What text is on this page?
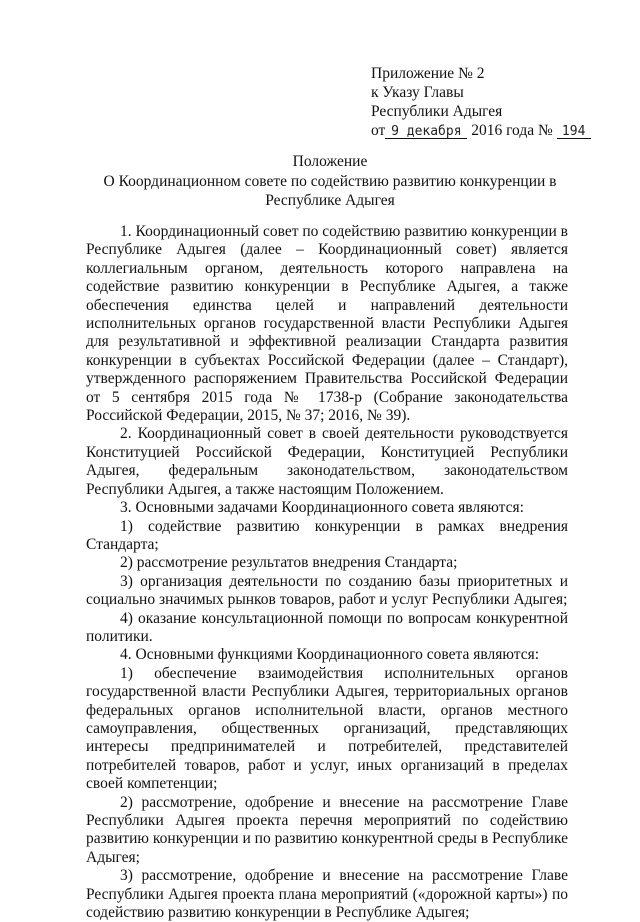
Приложение № 2
к Указу Главы
Республики Адыгея
от 9 декабря 2016 года № 194
Положение
О Координационном совете по содействию развитию конкуренции в
Республике Адыгея

1. Координационный совет по содействию развитию конкуренции в Республике Адыгея (далее – Координационный совет) является коллегиальным органом, деятельность которого направлена на содействие развитию конкуренции в Республике Адыгея, а также обеспечения единства целей и направлений деятельности исполнительных органов государственной власти Республики Адыгея для результативной и эффективной реализации Стандарта развития конкуренции в субъектах Российской Федерации (далее – Стандарт), утвержденного распоряжением Правительства Российской Федерации от 5 сентября 2015 года № 1738-р (Собрание законодательства Российской Федерации, 2015, № 37; 2016, № 39).

2. Координационный совет в своей деятельности руководствуется Конституцией Российской Федерации, Конституцией Республики Адыгея, федеральным законодательством, законодательством Республики Адыгея, а также настоящим Положением.

3. Основными задачами Координационного совета являются:

1) содействие развитию конкуренции в рамках внедрения Стандарта;

2) рассмотрение результатов внедрения Стандарта;

3) организация деятельности по созданию базы приоритетных и социально значимых рынков товаров, работ и услуг Республики Адыгея;

4) оказание консультационной помощи по вопросам конкурентной политики.

4. Основными функциями Координационного совета являются:

1) обеспечение взаимодействия исполнительных органов государственной власти Республики Адыгея, территориальных органов федеральных органов исполнительной власти, органов местного самоуправления, общественных организаций, представляющих интересы предпринимателей и потребителей, представителей потребителей товаров, работ и услуг, иных организаций в пределах своей компетенции;

2) рассмотрение, одобрение и внесение на рассмотрение Главе Республики Адыгея проекта перечня мероприятий по содействию развитию конкуренции и по развитию конкурентной среды в Республике Адыгея;

3) рассмотрение, одобрение и внесение на рассмотрение Главе Республики Адыгея проекта плана мероприятий («дорожной карты») по содействию развитию конкуренции в Республике Адыгея;
